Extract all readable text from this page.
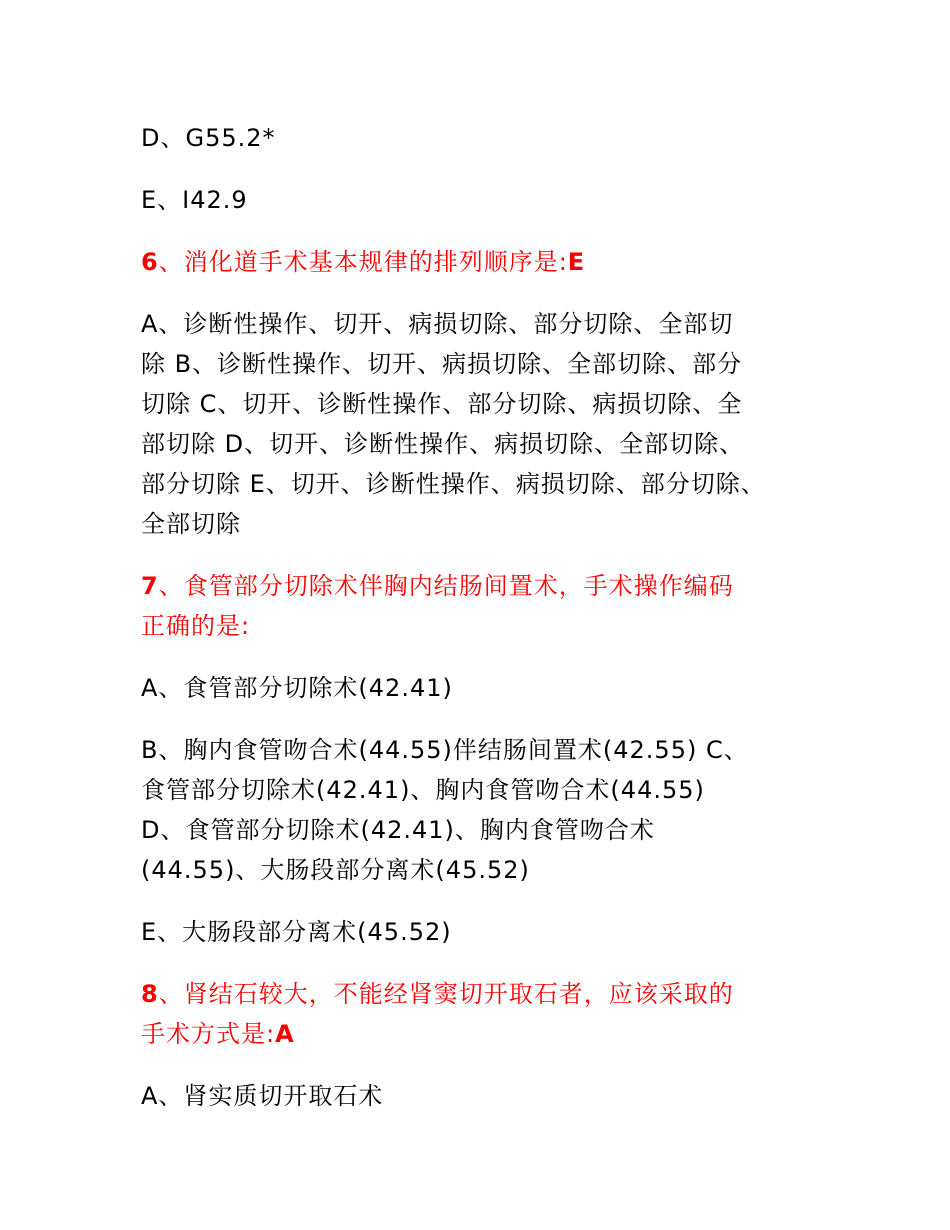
D、G55.2*

E、I42.9

6、消化道手术基本规律的排列顺序是:E

A、诊断性操作、切开、病损切除、部分切除、全部切
除 B、诊断性操作、切开、病损切除、全部切除、部分
切除 C、切开、诊断性操作、部分切除、病损切除、全
部切除 D、切开、诊断性操作、病损切除、全部切除、
部分切除 E、切开、诊断性操作、病损切除、部分切除、
全部切除

7、食管部分切除术伴胸内结肠间置术，手术操作编码
正确的是:

A、食管部分切除术(42.41)

B、胸内食管吻合术(44.55)伴结肠间置术(42.55) C、
食管部分切除术(42.41)、胸内食管吻合术(44.55)
D、食管部分切除术(42.41)、胸内食管吻合术
(44.55)、大肠段部分离术(45.52)

E、大肠段部分离术(45.52)

8、肾结石较大，不能经肾窦切开取石者，应该采取的
手术方式是:A

A、肾实质切开取石术
